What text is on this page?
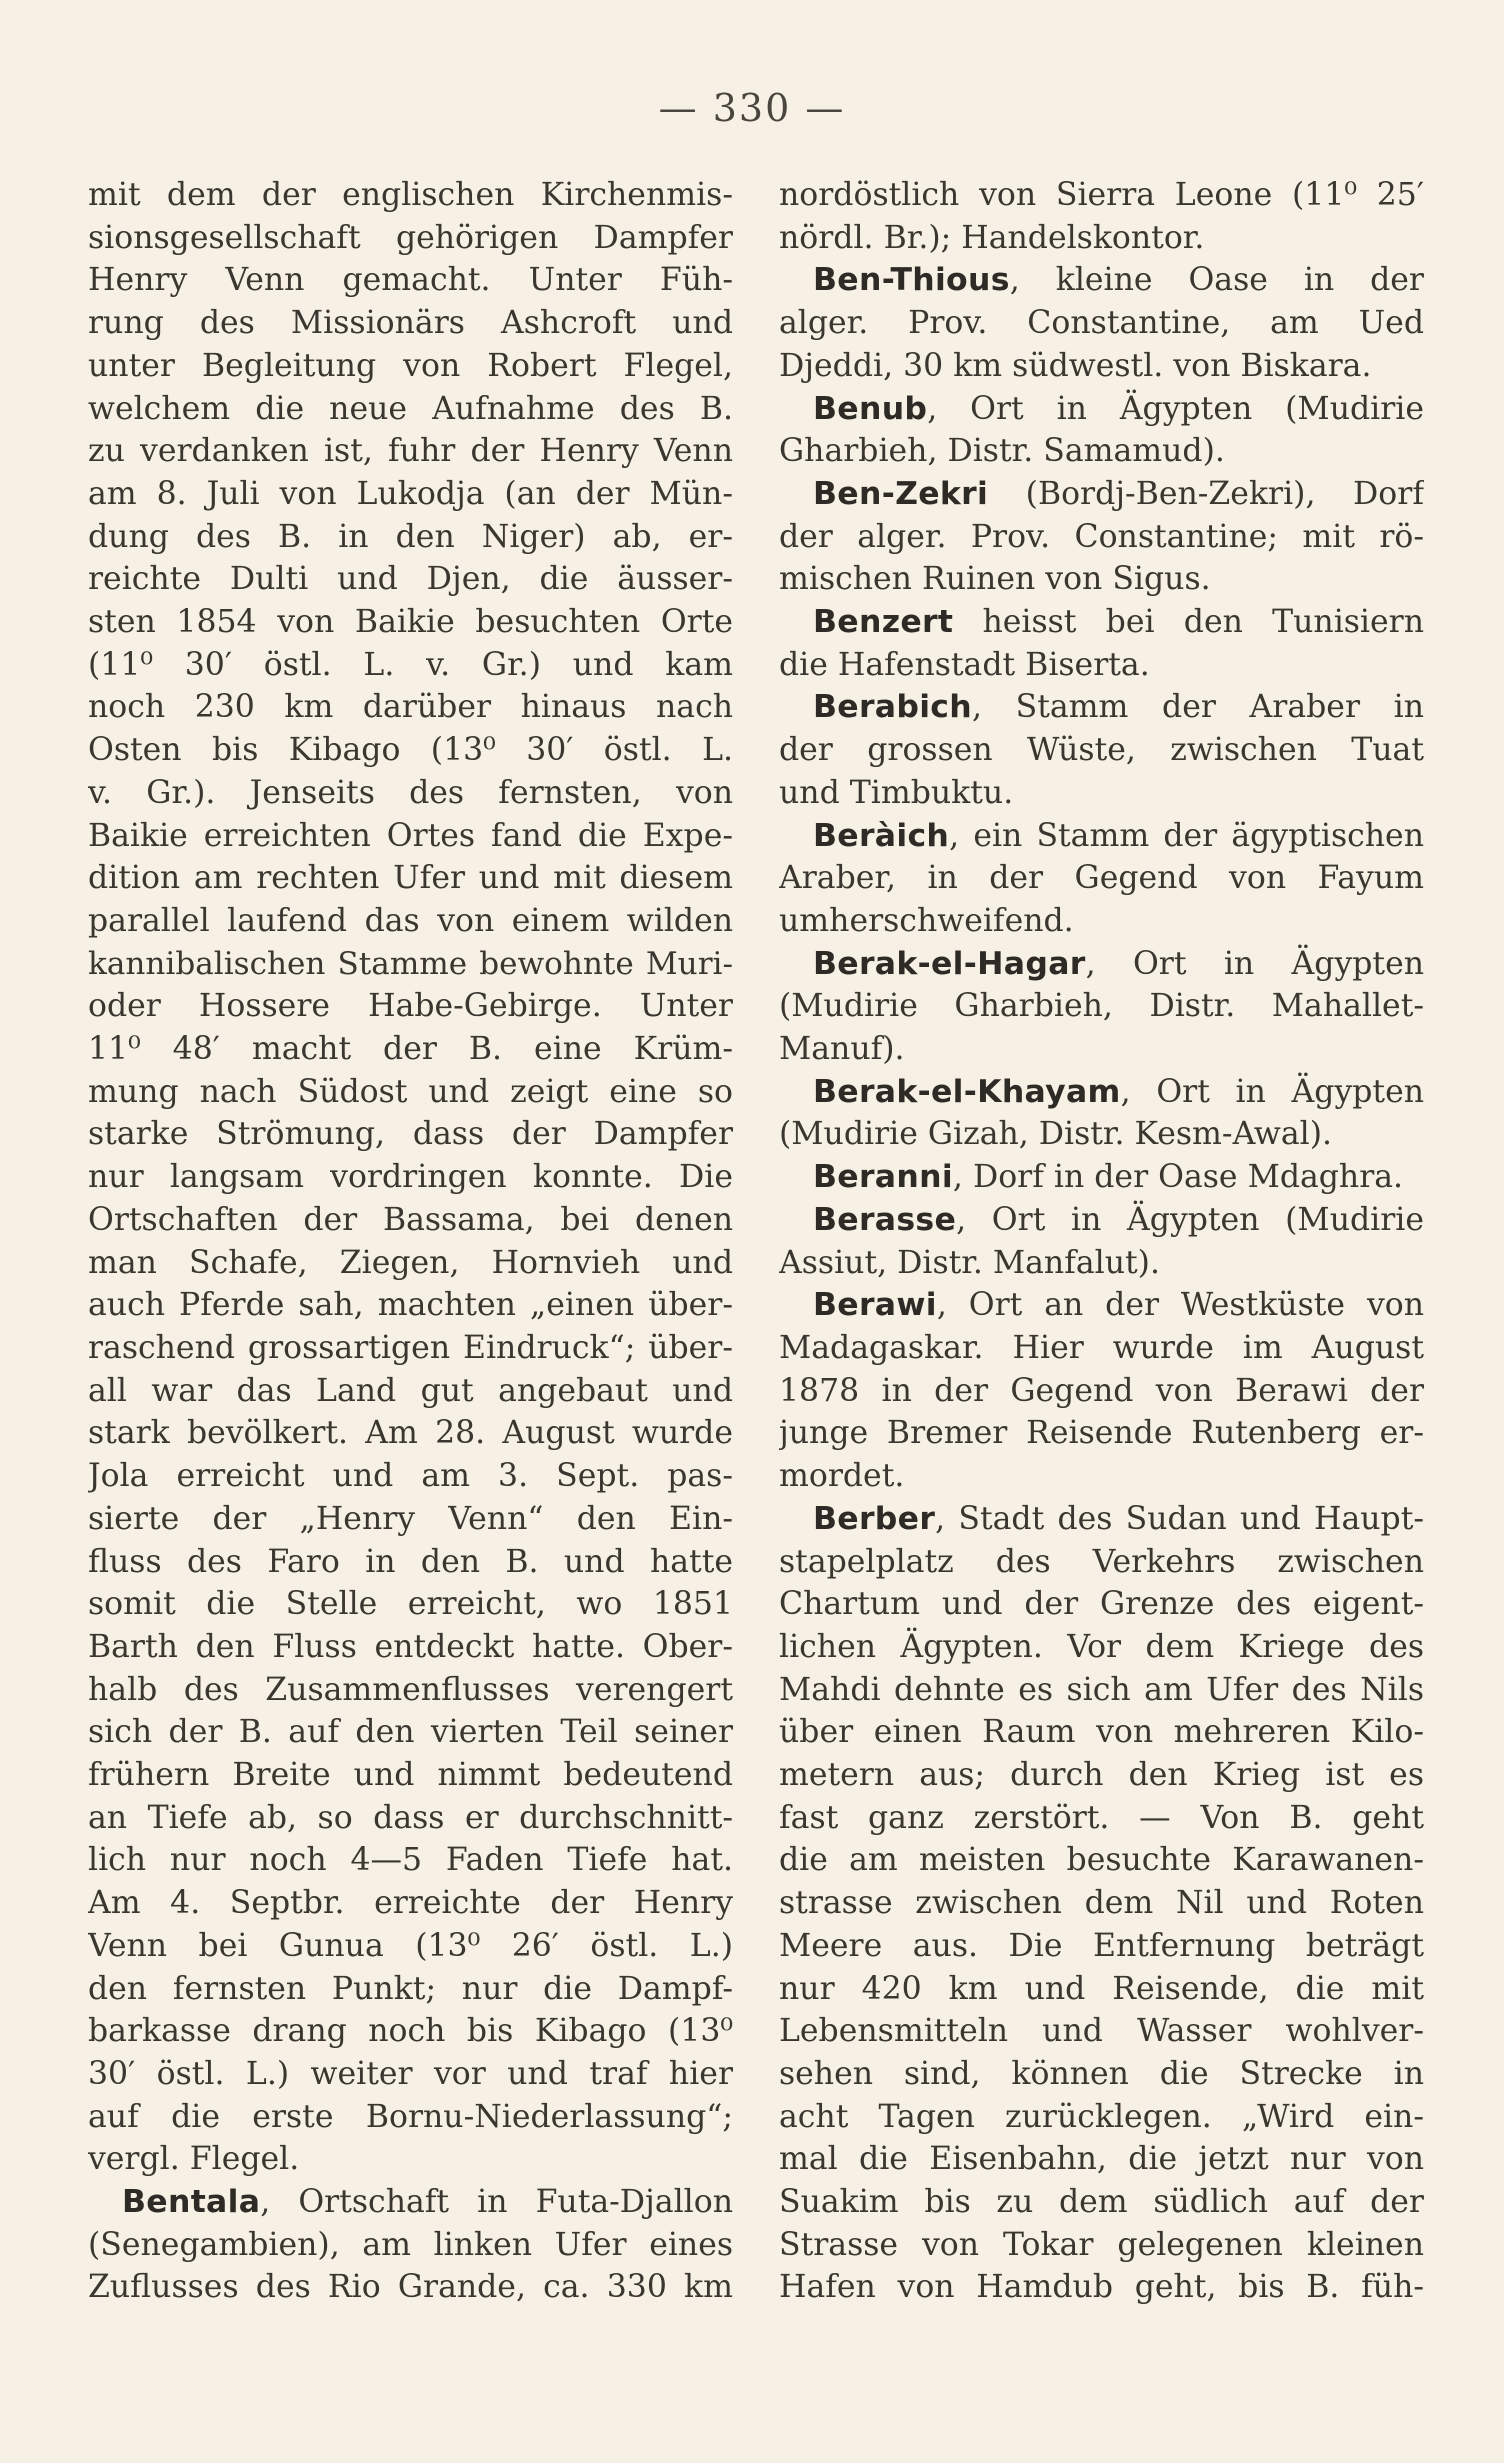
— 330 —
mit dem der englischen Kirchenmis-
sionsgesellschaft gehörigen Dampfer
Henry Venn gemacht. Unter Füh-
rung des Missionärs Ashcroft und
unter Begleitung von Robert Flegel,
welchem die neue Aufnahme des B.
zu verdanken ist, fuhr der Henry Venn
am 8. Juli von Lukodja (an der Mün-
dung des B. in den Niger) ab, er-
reichte Dulti und Djen, die äusser-
sten 1854 von Baikie besuchten Orte
(11⁰ 30′ östl. L. v. Gr.) und kam
noch 230 km darüber hinaus nach
Osten bis Kibago (13⁰ 30′ östl. L.
v. Gr.). Jenseits des fernsten, von
Baikie erreichten Ortes fand die Expe-
dition am rechten Ufer und mit diesem
parallel laufend das von einem wilden
kannibalischen Stamme bewohnte Muri-
oder Hossere Habe-Gebirge. Unter
11⁰ 48′ macht der B. eine Krüm-
mung nach Südost und zeigt eine so
starke Strömung, dass der Dampfer
nur langsam vordringen konnte. Die
Ortschaften der Bassama, bei denen
man Schafe, Ziegen, Hornvieh und
auch Pferde sah, machten „einen über-
raschend grossartigen Eindruck“; über-
all war das Land gut angebaut und
stark bevölkert. Am 28. August wurde
Jola erreicht und am 3. Sept. pas-
sierte der „Henry Venn“ den Ein-
fluss des Faro in den B. und hatte
somit die Stelle erreicht, wo 1851
Barth den Fluss entdeckt hatte. Ober-
halb des Zusammenflusses verengert
sich der B. auf den vierten Teil seiner
frühern Breite und nimmt bedeutend
an Tiefe ab, so dass er durchschnitt-
lich nur noch 4—5 Faden Tiefe hat.
Am 4. Septbr. erreichte der Henry
Venn bei Gunua (13⁰ 26′ östl. L.)
den fernsten Punkt; nur die Dampf-
barkasse drang noch bis Kibago (13⁰
30′ östl. L.) weiter vor und traf hier
auf die erste Bornu-Niederlassung“;
vergl. Flegel.
Bentala, Ortschaft in Futa-Djallon
(Senegambien), am linken Ufer eines
Zuflusses des Rio Grande, ca. 330 km
nordöstlich von Sierra Leone (11⁰ 25′
nördl. Br.); Handelskontor.
Ben-Thious, kleine Oase in der
alger. Prov. Constantine, am Ued
Djeddi, 30 km südwestl. von Biskara.
Benub, Ort in Ägypten (Mudirie
Gharbieh, Distr. Samamud).
Ben-Zekri (Bordj-Ben-Zekri), Dorf
der alger. Prov. Constantine; mit rö-
mischen Ruinen von Sigus.
Benzert heisst bei den Tunisiern
die Hafenstadt Biserta.
Berabich, Stamm der Araber in
der grossen Wüste, zwischen Tuat
und Timbuktu.
Beràich, ein Stamm der ägyptischen
Araber, in der Gegend von Fayum
umherschweifend.
Berak-el-Hagar, Ort in Ägypten
(Mudirie Gharbieh, Distr. Mahallet-
Manuf).
Berak-el-Khayam, Ort in Ägypten
(Mudirie Gizah, Distr. Kesm-Awal).
Beranni, Dorf in der Oase Mdaghra.
Berasse, Ort in Ägypten (Mudirie
Assiut, Distr. Manfalut).
Berawi, Ort an der Westküste von
Madagaskar. Hier wurde im August
1878 in der Gegend von Berawi der
junge Bremer Reisende Rutenberg er-
mordet.
Berber, Stadt des Sudan und Haupt-
stapelplatz des Verkehrs zwischen
Chartum und der Grenze des eigent-
lichen Ägypten. Vor dem Kriege des
Mahdi dehnte es sich am Ufer des Nils
über einen Raum von mehreren Kilo-
metern aus; durch den Krieg ist es
fast ganz zerstört. — Von B. geht
die am meisten besuchte Karawanen-
strasse zwischen dem Nil und Roten
Meere aus. Die Entfernung beträgt
nur 420 km und Reisende, die mit
Lebensmitteln und Wasser wohlver-
sehen sind, können die Strecke in
acht Tagen zurücklegen. „Wird ein-
mal die Eisenbahn, die jetzt nur von
Suakim bis zu dem südlich auf der
Strasse von Tokar gelegenen kleinen
Hafen von Hamdub geht, bis B. füh-
